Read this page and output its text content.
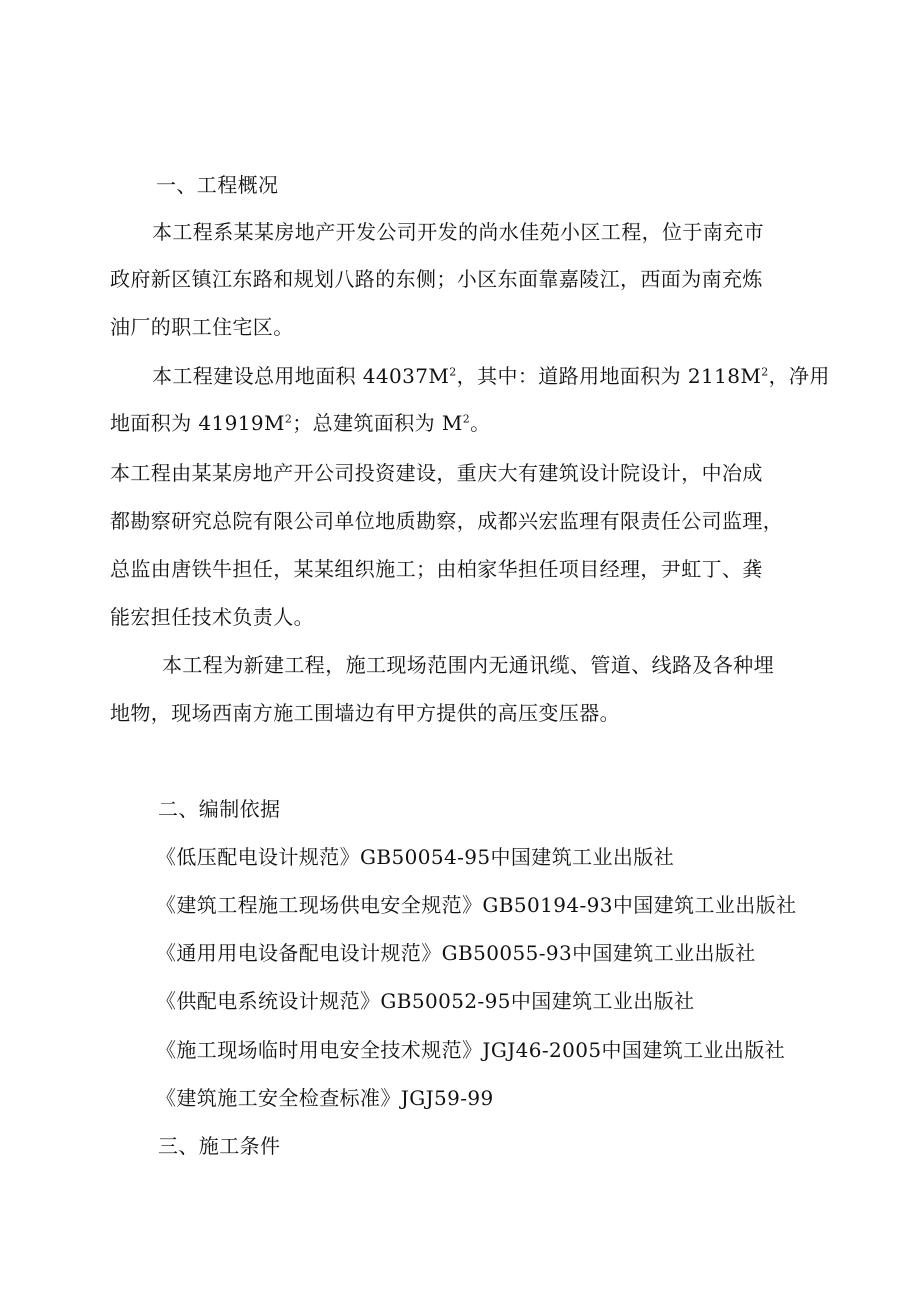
一、工程概况
本工程系某某房地产开发公司开发的尚水佳苑小区工程，位于南充市
政府新区镇江东路和规划八路的东侧；小区东面靠嘉陵江，西面为南充炼
油厂的职工住宅区。
本工程建设总用地面积 $44037M^2$，其中：道路用地面积为 $2118M^2$，净用
地面积为 $41919M^2$；总建筑面积为 $M^2$。
本工程由某某房地产开公司投资建设，重庆大有建筑设计院设计，中冶成
都勘察研究总院有限公司单位地质勘察，成都兴宏监理有限责任公司监理，
总监由唐铁牛担任，某某组织施工；由柏家华担任项目经理，尹虹丁、龚
能宏担任技术负责人。
本工程为新建工程，施工现场范围内无通讯缆、管道、线路及各种埋
地物，现场西南方施工围墙边有甲方提供的高压变压器。
二、编制依据
《低压配电设计规范》GB50054-95中国建筑工业出版社
《建筑工程施工现场供电安全规范》GB50194-93中国建筑工业出版社
《通用用电设备配电设计规范》GB50055-93中国建筑工业出版社
《供配电系统设计规范》GB50052-95中国建筑工业出版社
《施工现场临时用电安全技术规范》JGJ46-2005中国建筑工业出版社
《建筑施工安全检查标准》JGJ59-99
三、施工条件
